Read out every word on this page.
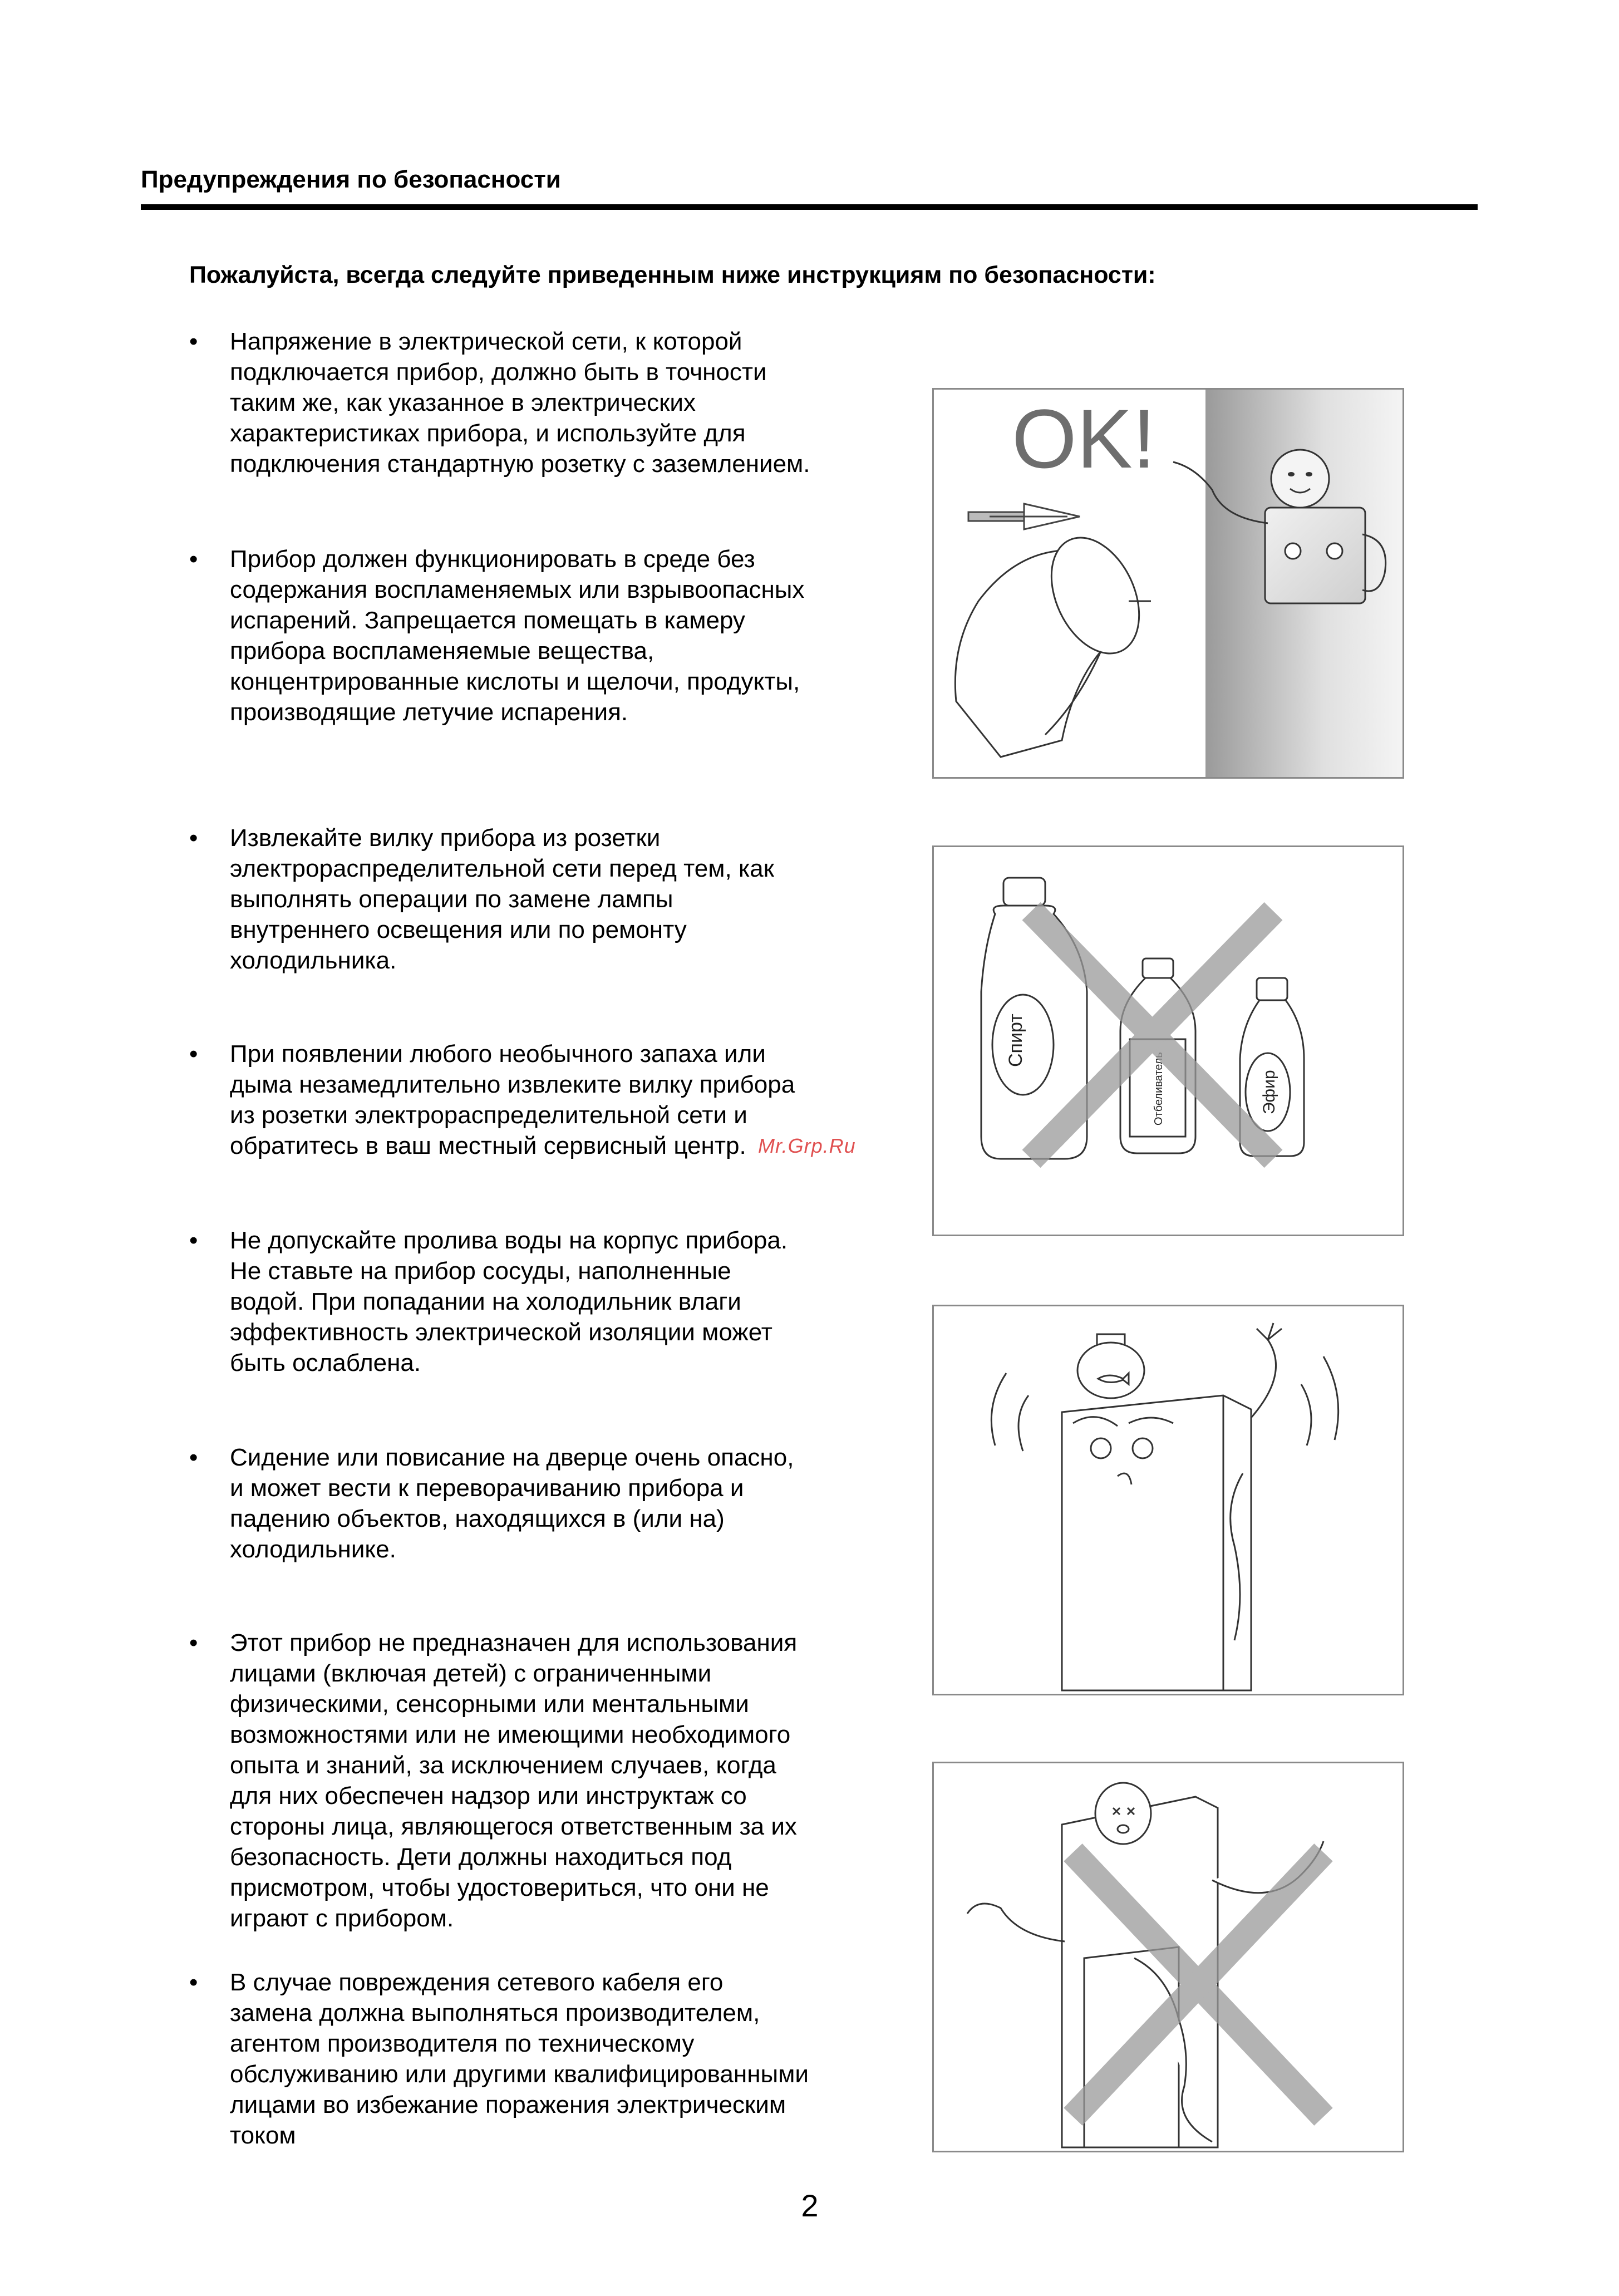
Предупреждения по безопасности
Пожалуйста, всегда следуйте приведенным ниже инструкциям по безопасности:
• Напряжение в электрической сети, к которой
подключается прибор, должно быть в точности
таким же, как указанное в электрических
характеристиках прибора, и используйте для
подключения стандартную розетку с заземлением.
• Прибор должен функционировать в среде без
содержания воспламеняемых или взрывоопасных
испарений. Запрещается помещать в камеру
прибора воспламеняемые вещества,
концентрированные кислоты и щелочи, продукты,
производящие летучие испарения.
• Извлекайте вилку прибора из розетки
электрораспределительной сети перед тем, как
выполнять операции по замене лампы
внутреннего освещения или по ремонту
холодильника.
• При появлении любого необычного запаха или
дыма незамедлительно извлеките вилку прибора
из розетки электрораспределительной сети и
обратитесь в ваш местный сервисный центр.
• Не допускайте пролива воды на корпус прибора.
Не ставьте на прибор сосуды, наполненные
водой. При попадании на холодильник влаги
эффективность электрической изоляции может
быть ослаблена.
• Сидение или повисание на дверце очень опасно,
и может вести к переворачиванию прибора и
падению объектов, находящихся в (или на)
холодильнике.
• Этот прибор не предназначен для использования
лицами (включая детей) с ограниченными
физическими, сенсорными или ментальными
возможностями или не имеющими необходимого
опыта и знаний, за исключением случаев, когда
для них обеспечен надзор или инструктаж со
стороны лица, являющегося ответственным за их
безопасность. Дети должны находиться под
присмотром, чтобы удостовериться, что они не
играют с прибором.
• В случае повреждения сетевого кабеля его
замена должна выполняться производителем,
агентом производителя по техническому
обслуживанию или другими квалифицированными
лицами во избежание поражения электрическим
током
OK!
Спирт
Отбеливатель	Эфир
Mr.Grp.Ru
2
